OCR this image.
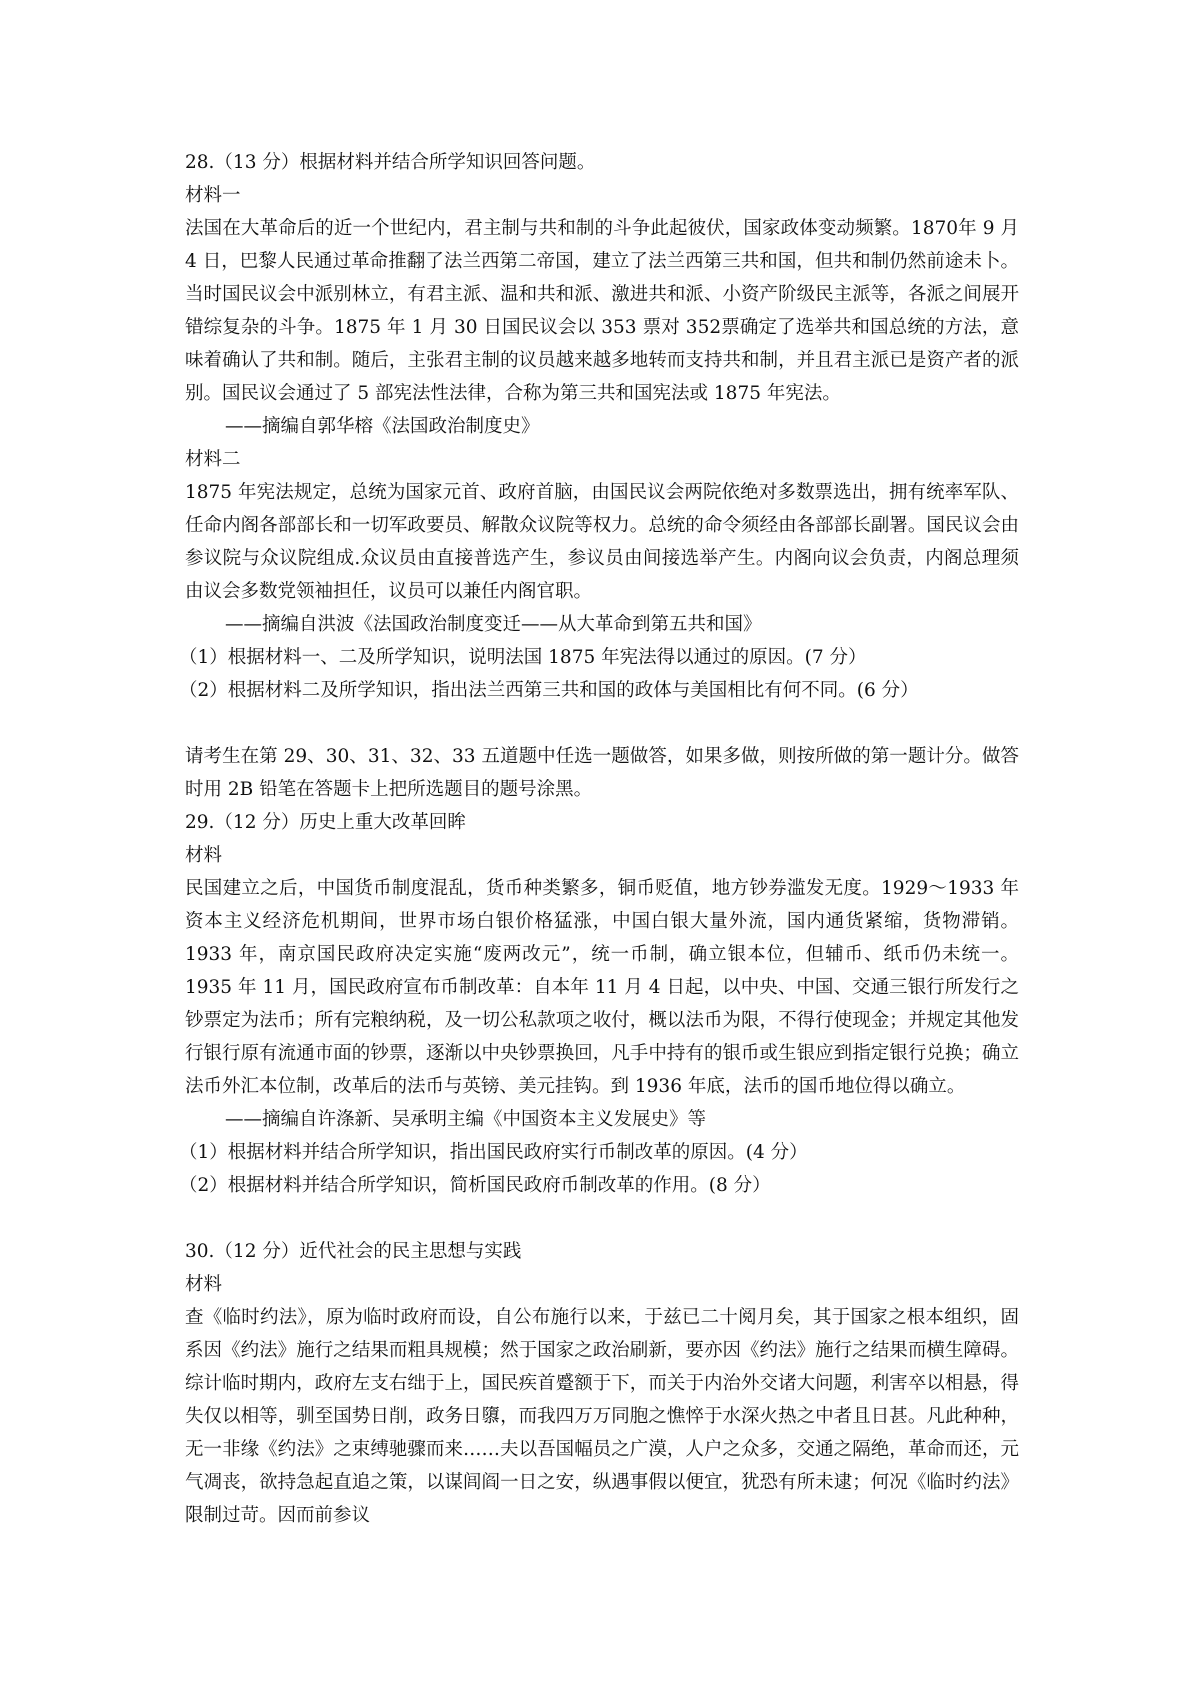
28.（13 分）根据材料并结合所学知识回答问题。

材料一

法国在大革命后的近一个世纪内，君主制与共和制的斗争此起彼伏，国家政体变动频繁。1870年 9 月 4 日，巴黎人民通过革命推翻了法兰西第二帝国，建立了法兰西第三共和国，但共和制仍然前途未卜。当时国民议会中派别林立，有君主派、温和共和派、激进共和派、小资产阶级民主派等，各派之间展开错综复杂的斗争。1875 年 1 月 30 日国民议会以 353 票对 352票确定了选举共和国总统的方法，意味着确认了共和制。随后，主张君主制的议员越来越多地转而支持共和制，并且君主派已是资产者的派别。国民议会通过了 5 部宪法性法律，合称为第三共和国宪法或 1875 年宪法。

——摘编自郭华榕《法国政治制度史》

材料二

1875 年宪法规定，总统为国家元首、政府首脑，由国民议会两院依绝对多数票选出，拥有统率军队、任命内阁各部部长和一切军政要员、解散众议院等权力。总统的命令须经由各部部长副署。国民议会由参议院与众议院组成.众议员由直接普选产生，参议员由间接选举产生。内阁向议会负责，内阁总理须由议会多数党领袖担任，议员可以兼任内阁官职。

——摘编自洪波《法国政治制度变迁——从大革命到第五共和国》

（1）根据材料一、二及所学知识，说明法国 1875 年宪法得以通过的原因。(7 分）

（2）根据材料二及所学知识，指出法兰西第三共和国的政体与美国相比有何不同。(6 分）

请考生在第 29、30、31、32、33 五道题中任选一题做答，如果多做，则按所做的第一题计分。做答时用 2B 铅笔在答题卡上把所选题目的题号涂黑。

29.（12 分）历史上重大改革回眸

材料

民国建立之后，中国货币制度混乱，货币种类繁多，铜币贬值，地方钞券滥发无度。1929～1933 年资本主义经济危机期间，世界市场白银价格猛涨，中国白银大量外流，国内通货紧缩，货物滞销。1933 年，南京国民政府决定实施“废两改元”，统一币制，确立银本位，但辅币、纸币仍未统一。1935 年 11 月，国民政府宣布币制改革：自本年 11 月 4 日起，以中央、中国、交通三银行所发行之钞票定为法币；所有完粮纳税，及一切公私款项之收付，概以法币为限，不得行使现金；并规定其他发行银行原有流通市面的钞票，逐渐以中央钞票换回，凡手中持有的银币或生银应到指定银行兑换；确立法币外汇本位制，改革后的法币与英镑、美元挂钩。到 1936 年底，法币的国币地位得以确立。

——摘编自许涤新、吴承明主编《中国资本主义发展史》等

（1）根据材料并结合所学知识，指出国民政府实行币制改革的原因。(4 分）

（2）根据材料并结合所学知识，简析国民政府币制改革的作用。(8 分）

30.（12 分）近代社会的民主思想与实践

材料

查《临时约法》，原为临时政府而设，自公布施行以来，于兹已二十阅月矣，其于国家之根本组织，固系因《约法》施行之结果而粗具规模；然于国家之政治刷新，要亦因《约法》施行之结果而横生障碍。综计临时期内，政府左支右绌于上，国民疾首蹙额于下，而关于内治外交诸大问题，利害卒以相悬，得失仅以相等，驯至国势日削，政务日隳，而我四万万同胞之憔悴于水深火热之中者且日甚。凡此种种，无一非缘《约法》之束缚驰骤而来……夫以吾国幅员之广漠，人户之众多，交通之隔绝，革命而还，元气凋丧，欲持急起直追之策，以谋闾阎一日之安，纵遇事假以便宜，犹恐有所未逮；何况《临时约法》限制过苛。因而前参议
